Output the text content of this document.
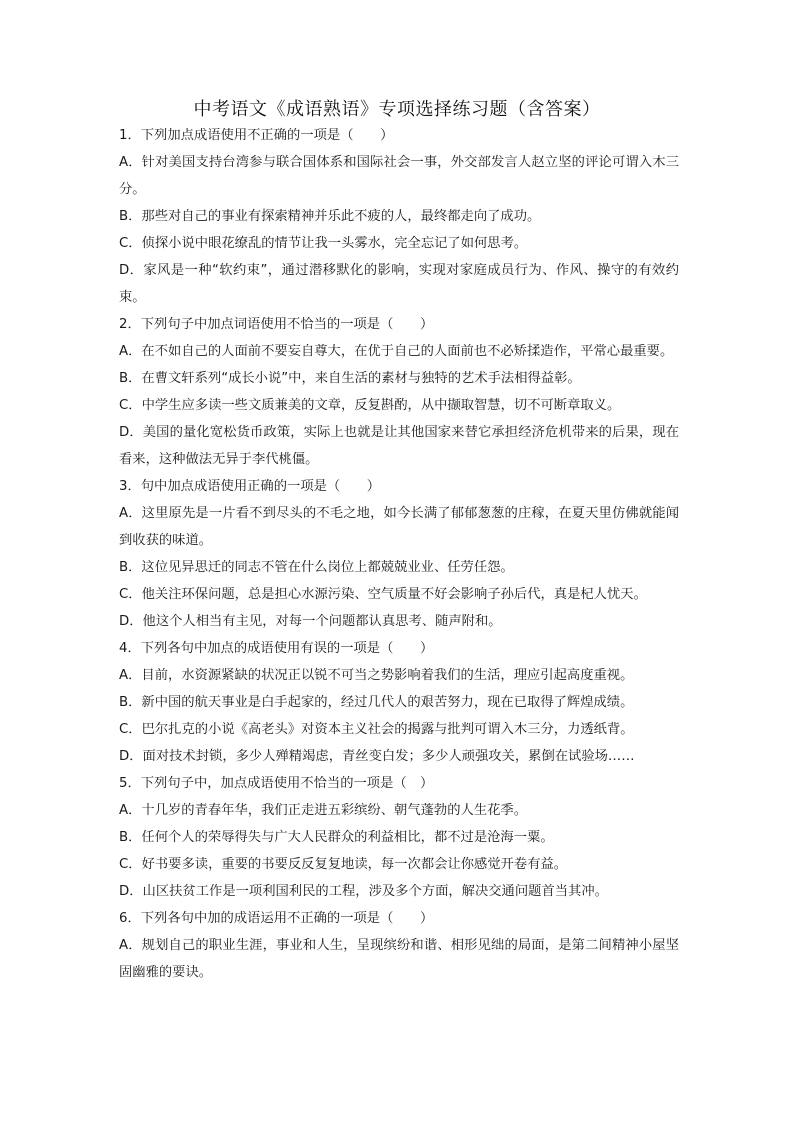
中考语文《成语熟语》专项选择练习题（含答案）

1．下列加点成语使用不正确的一项是（　　）

A．针对美国支持台湾参与联合国体系和国际社会一事，外交部发言人赵立坚的评论可谓入木三分。

B．那些对自己的事业有探索精神并乐此不疲的人，最终都走向了成功。

C．侦探小说中眼花缭乱的情节让我一头雾水，完全忘记了如何思考。

D．家风是一种“软约束”，通过潜移默化的影响，实现对家庭成员行为、作风、操守的有效约束。

2．下列句子中加点词语使用不恰当的一项是（　　）

A．在不如自己的人面前不要妄自尊大，在优于自己的人面前也不必矫揉造作，平常心最重要。

B．在曹文轩系列“成长小说”中，来自生活的素材与独特的艺术手法相得益彰。

C．中学生应多读一些文质兼美的文章，反复斟酌，从中撷取智慧，切不可断章取义。

D．美国的量化宽松货币政策，实际上也就是让其他国家来替它承担经济危机带来的后果，现在看来，这种做法无异于李代桃僵。

3．句中加点成语使用正确的一项是（　　）

A．这里原先是一片看不到尽头的不毛之地，如今长满了郁郁葱葱的庄稼，在夏天里仿佛就能闻到收获的味道。

B．这位见异思迁的同志不管在什么岗位上都兢兢业业、任劳任怨。

C．他关注环保问题，总是担心水源污染、空气质量不好会影响子孙后代，真是杞人忧天。

D．他这个人相当有主见，对每一个问题都认真思考、随声附和。

4．下列各句中加点的成语使用有误的一项是（　　）

A．目前，水资源紧缺的状况正以锐不可当之势影响着我们的生活，理应引起高度重视。

B．新中国的航天事业是白手起家的，经过几代人的艰苦努力，现在已取得了辉煌成绩。

C．巴尔扎克的小说《高老头》对资本主义社会的揭露与批判可谓入木三分，力透纸背。

D．面对技术封锁，多少人殚精竭虑，青丝变白发；多少人顽强攻关，累倒在试验场……

5．下列句子中，加点成语使用不恰当的一项是（　）

A．十几岁的青春年华，我们正走进五彩缤纷、朝气蓬勃的人生花季。

B．任何个人的荣辱得失与广大人民群众的利益相比，都不过是沧海一粟。

C．好书要多读，重要的书要反反复复地读，每一次都会让你感觉开卷有益。

D．山区扶贫工作是一项利国利民的工程，涉及多个方面，解决交通问题首当其冲。

6．下列各句中加的成语运用不正确的一项是（　　）

A．规划自己的职业生涯，事业和人生，呈现缤纷和谐、相形见绌的局面，是第二间精神小屋坚固幽雅的要诀。
